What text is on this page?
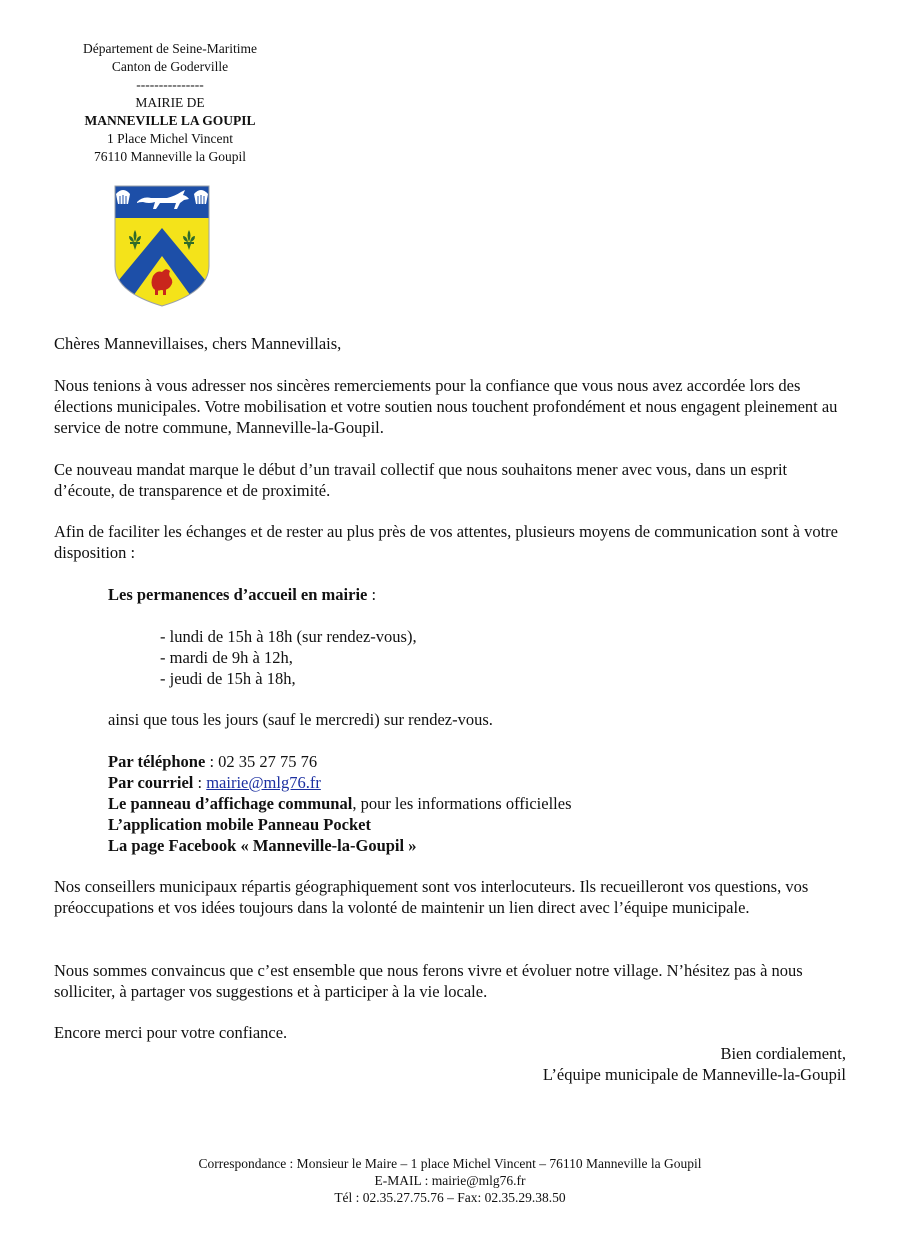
Département de Seine-Maritime
Canton de Goderville
---------------
MAIRIE DE
MANNEVILLE LA GOUPIL
1 Place Michel Vincent
76110 Manneville la Goupil

Chères Mannevillaises, chers Mannevillais,

Nous tenions à vous adresser nos sincères remerciements pour la confiance que vous nous avez accordée lors des élections municipales. Votre mobilisation et votre soutien nous touchent profondément et nous engagent pleinement au service de notre commune, Manneville-la-Goupil.

Ce nouveau mandat marque le début d’un travail collectif que nous souhaitons mener avec vous, dans un esprit d’écoute, de transparence et de proximité.

Afin de faciliter les échanges et de rester au plus près de vos attentes, plusieurs moyens de communication sont à votre disposition :

Les permanences d’accueil en mairie :

- lundi de 15h à 18h (sur rendez-vous),

- mardi de 9h à 12h,

- jeudi de 15h à 18h,

ainsi que tous les jours (sauf le mercredi) sur rendez-vous.

Par téléphone : 02 35 27 75 76

Par courriel : mairie@mlg76.fr

Le panneau d’affichage communal, pour les informations officielles

L’application mobile Panneau Pocket

La page Facebook « Manneville-la-Goupil »

Nos conseillers municipaux répartis géographiquement sont vos interlocuteurs. Ils recueilleront vos questions, vos préoccupations et vos idées toujours dans la volonté de maintenir un lien direct avec l’équipe municipale.

Nous sommes convaincus que c’est ensemble que nous ferons vivre et évoluer notre village. N’hésitez pas à nous solliciter, à partager vos suggestions et à participer à la vie locale.

Encore merci pour votre confiance.

Bien cordialement,
L’équipe municipale de Manneville-la-Goupil
Correspondance : Monsieur le Maire – 1 place Michel Vincent – 76110 Manneville la Goupil
E-MAIL : mairie@mlg76.fr
Tél : 02.35.27.75.76 – Fax: 02.35.29.38.50
